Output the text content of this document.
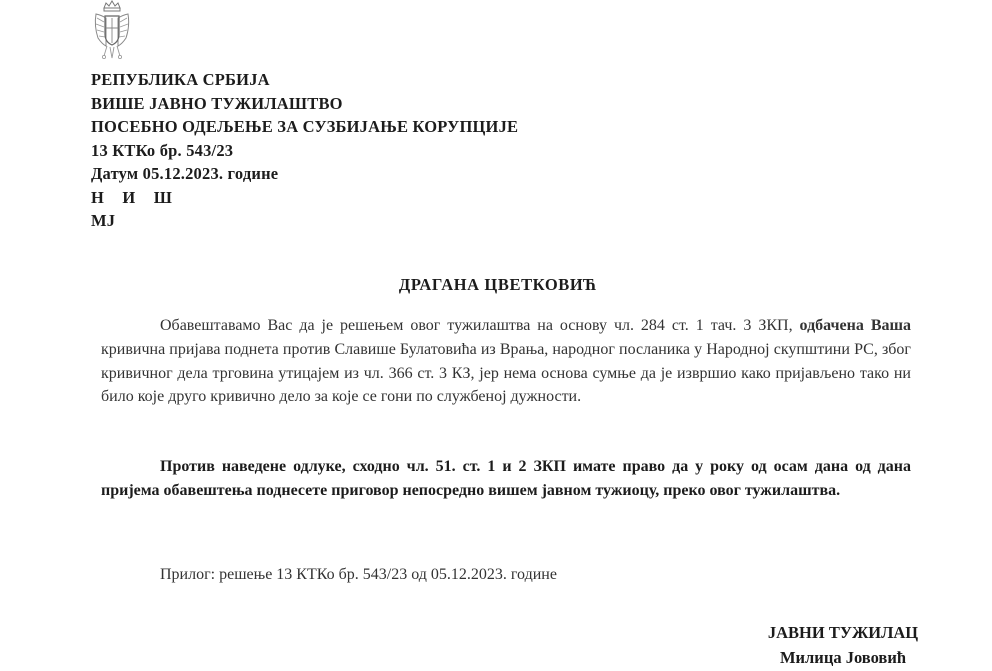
РЕПУБЛИКА СРБИЈА
ВИШЕ ЈАВНО ТУЖИЛАШТВО
ПОСЕБНО ОДЕЉЕЊЕ ЗА СУЗБИЈАЊЕ КОРУПЦИЈЕ
13 КТКо бр. 543/23
Датум 05.12.2023. године
Н И Ш
МЈ
ДРАГАНА ЦВЕТКОВИЋ
Обавештавамо Вас да је решењем овог тужилаштва на основу чл. 284 ст. 1 тач. 3 ЗКП, одбачена Ваша кривична пријава поднета против Славише Булатовића из Врања, народног посланика у Народној скупштини РС, због кривичног дела трговина утицајем из чл. 366 ст. 3 КЗ, јер нема основа сумње да је извршио како пријављено тако ни било које друго кривично дело за које се гони по службеној дужности.
Против наведене одлуке, сходно чл. 51. ст. 1 и 2 ЗКП имате право да у року од осам дана од дана пријема обавештења поднесете приговор непосредно вишем јавном тужиоцу, преко овог тужилаштва.
Прилог: решење 13 КТКо бр. 543/23 од 05.12.2023. године
ЈАВНИ ТУЖИЛАЦ
Милица Јововић
